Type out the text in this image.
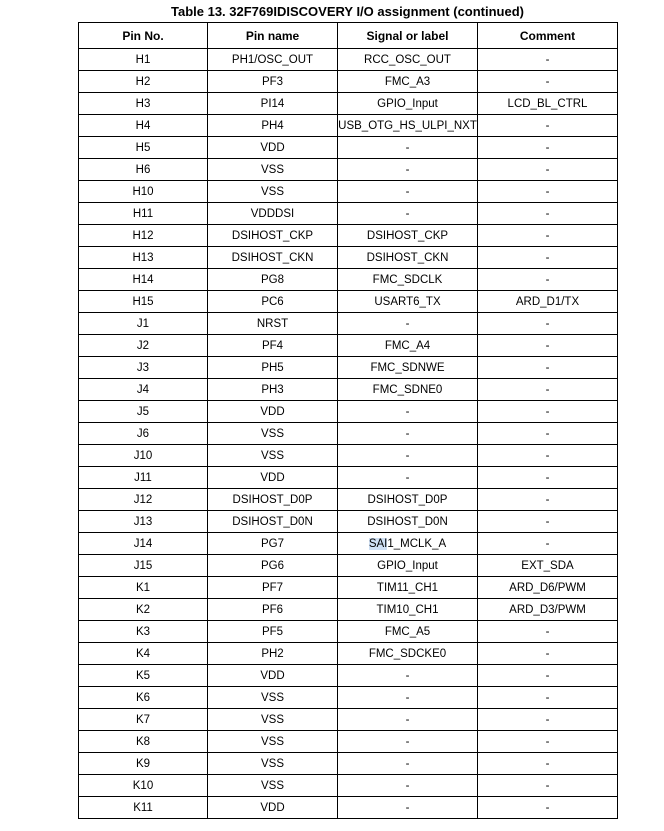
Table 13. 32F769IDISCOVERY I/O assignment (continued)
Pin No.	Pin name	Signal or label	Comment
H1	PH1/OSC_OUT	RCC_OSC_OUT	-
H2	PF3	FMC_A3	-
H3	PI14	GPIO_Input	LCD_BL_CTRL
H4	PH4	USB_OTG_HS_ULPI_NXT	-
H5	VDD	-	-
H6	VSS	-	-
H10	VSS	-	-
H11	VDDDSI	-	-
H12	DSIHOST_CKP	DSIHOST_CKP	-
H13	DSIHOST_CKN	DSIHOST_CKN	-
H14	PG8	FMC_SDCLK	-
H15	PC6	USART6_TX	ARD_D1/TX
J1	NRST	-	-
J2	PF4	FMC_A4	-
J3	PH5	FMC_SDNWE	-
J4	PH3	FMC_SDNE0	-
J5	VDD	-	-
J6	VSS	-	-
J10	VSS	-	-
J11	VDD	-	-
J12	DSIHOST_D0P	DSIHOST_D0P	-
J13	DSIHOST_D0N	DSIHOST_D0N	-
J14	PG7	SAI1_MCLK_A	-
J15	PG6	GPIO_Input	EXT_SDA
K1	PF7	TIM11_CH1	ARD_D6/PWM
K2	PF6	TIM10_CH1	ARD_D3/PWM
K3	PF5	FMC_A5	-
K4	PH2	FMC_SDCKE0	-
K5	VDD	-	-
K6	VSS	-	-
K7	VSS	-	-
K8	VSS	-	-
K9	VSS	-	-
K10	VSS	-	-
K11	VDD	-	-
